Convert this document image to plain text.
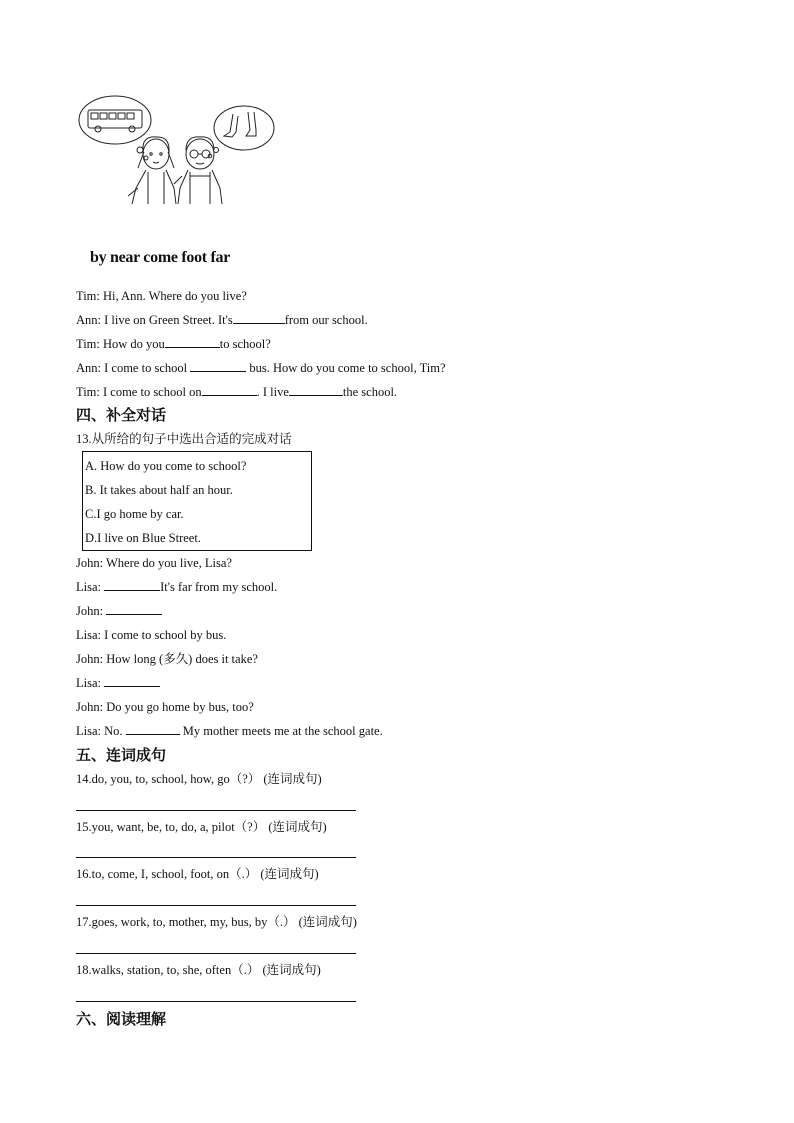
by near come foot far
Tim: Hi, Ann. Where do you live?
Ann: I live on Green Street. It's	from our school.
Tim: How do you	to school?
Ann: I come to school	bus. How do you come to school, Tim?
Tim: I come to school on	. I live	the school.
四、补全对话
13.从所给的句子中选出合适的完成对话
A. How do you come to school?
B. It takes about half an hour.
C.I go home by car.
D.I live on Blue Street.
John: Where do you live, Lisa?
Lisa:	It's far from my school.
John:
Lisa: I come to school by bus.
John: How long (多久) does it take?
Lisa:
John: Do you go home by bus, too?
Lisa: No.	My mother meets me at the school gate.
五、连词成句
14.do, you, to, school, how, go（?） (连词成句)
15.you, want, be, to, do, a, pilot（?） (连词成句)
16.to, come, I, school, foot, on（.） (连词成句)
17.goes, work, to, mother, my, bus, by（.） (连词成句)
18.walks, station, to, she, often（.） (连词成句)
六、阅读理解
